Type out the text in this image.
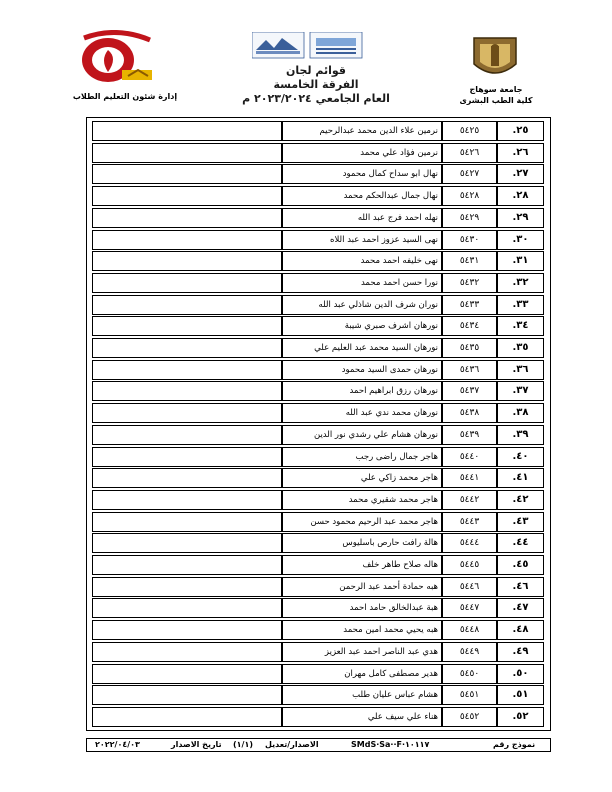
إدارة شئون التعليم الطلاب
قوائم لجان
الفرقة الخامسة
العام الجامعي ٢٠٢٣/٢٠٢٤ م
جامعة سوهاج
كلية الطب البشرى
نرمين علاء الدين محمد عبدالرحيم	٥٤٢٥	.٢٥
نرمين فؤاد علي محمد	٥٤٢٦	.٢٦
نهال ابو سداح كمال محمود	٥٤٢٧	.٢٧
نهال جمال عبدالحكم محمد	٥٤٢٨	.٢٨
نهله احمد فرج عبد الله	٥٤٢٩	.٢٩
نهى السيد عزوز احمد عبد اللاه	٥٤٣٠	.٣٠
نهى خليفه احمد محمد	٥٤٣١	.٣١
نورا حسن احمد محمد	٥٤٣٢	.٣٢
نوران شرف الدين شاذلي عبد الله	٥٤٣٣	.٣٣
نورهان اشرف صبري شيبة	٥٤٣٤	.٣٤
نورهان السيد محمد عبد العليم علي	٥٤٣٥	.٣٥
نورهان حمدى السيد محمود	٥٤٣٦	.٣٦
نورهان رزق ابراهيم احمد	٥٤٣٧	.٣٧
نورهان محمد ندي عبد الله	٥٤٣٨	.٣٨
نورهان هشام علي رشدي نور الدين	٥٤٣٩	.٣٩
هاجر جمال راضى رجب	٥٤٤٠	.٤٠
هاجر محمد زاكي علي	٥٤٤١	.٤١
هاجر محمد شقيري محمد	٥٤٤٢	.٤٢
هاجر محمد عبد الرحيم محمود حسن	٥٤٤٣	.٤٣
هالة رافت حارص باسليوس	٥٤٤٤	.٤٤
هاله صلاح طاهر خلف	٥٤٤٥	.٤٥
هبه حمادة أحمد عبد الرحمن	٥٤٤٦	.٤٦
هبة عبدالخالق حامد احمد	٥٤٤٧	.٤٧
هبه يحيي محمد امين محمد	٥٤٤٨	.٤٨
هدي عبد الناصر احمد عبد العزيز	٥٤٤٩	.٤٩
هدير مصطفى كامل مهران	٥٤٥٠	.٥٠
هشام عباس عليان طلب	٥٤٥١	.٥١
هناء علي سيف علي	٥٤٥٢	.٥٢
٢٠٢٢/٠٤/٠٣	تاريخ الاصدار (١/١) الاصدار/تعديل	SMdS·Sa··F·١٠١١٧	نموذج رقم
